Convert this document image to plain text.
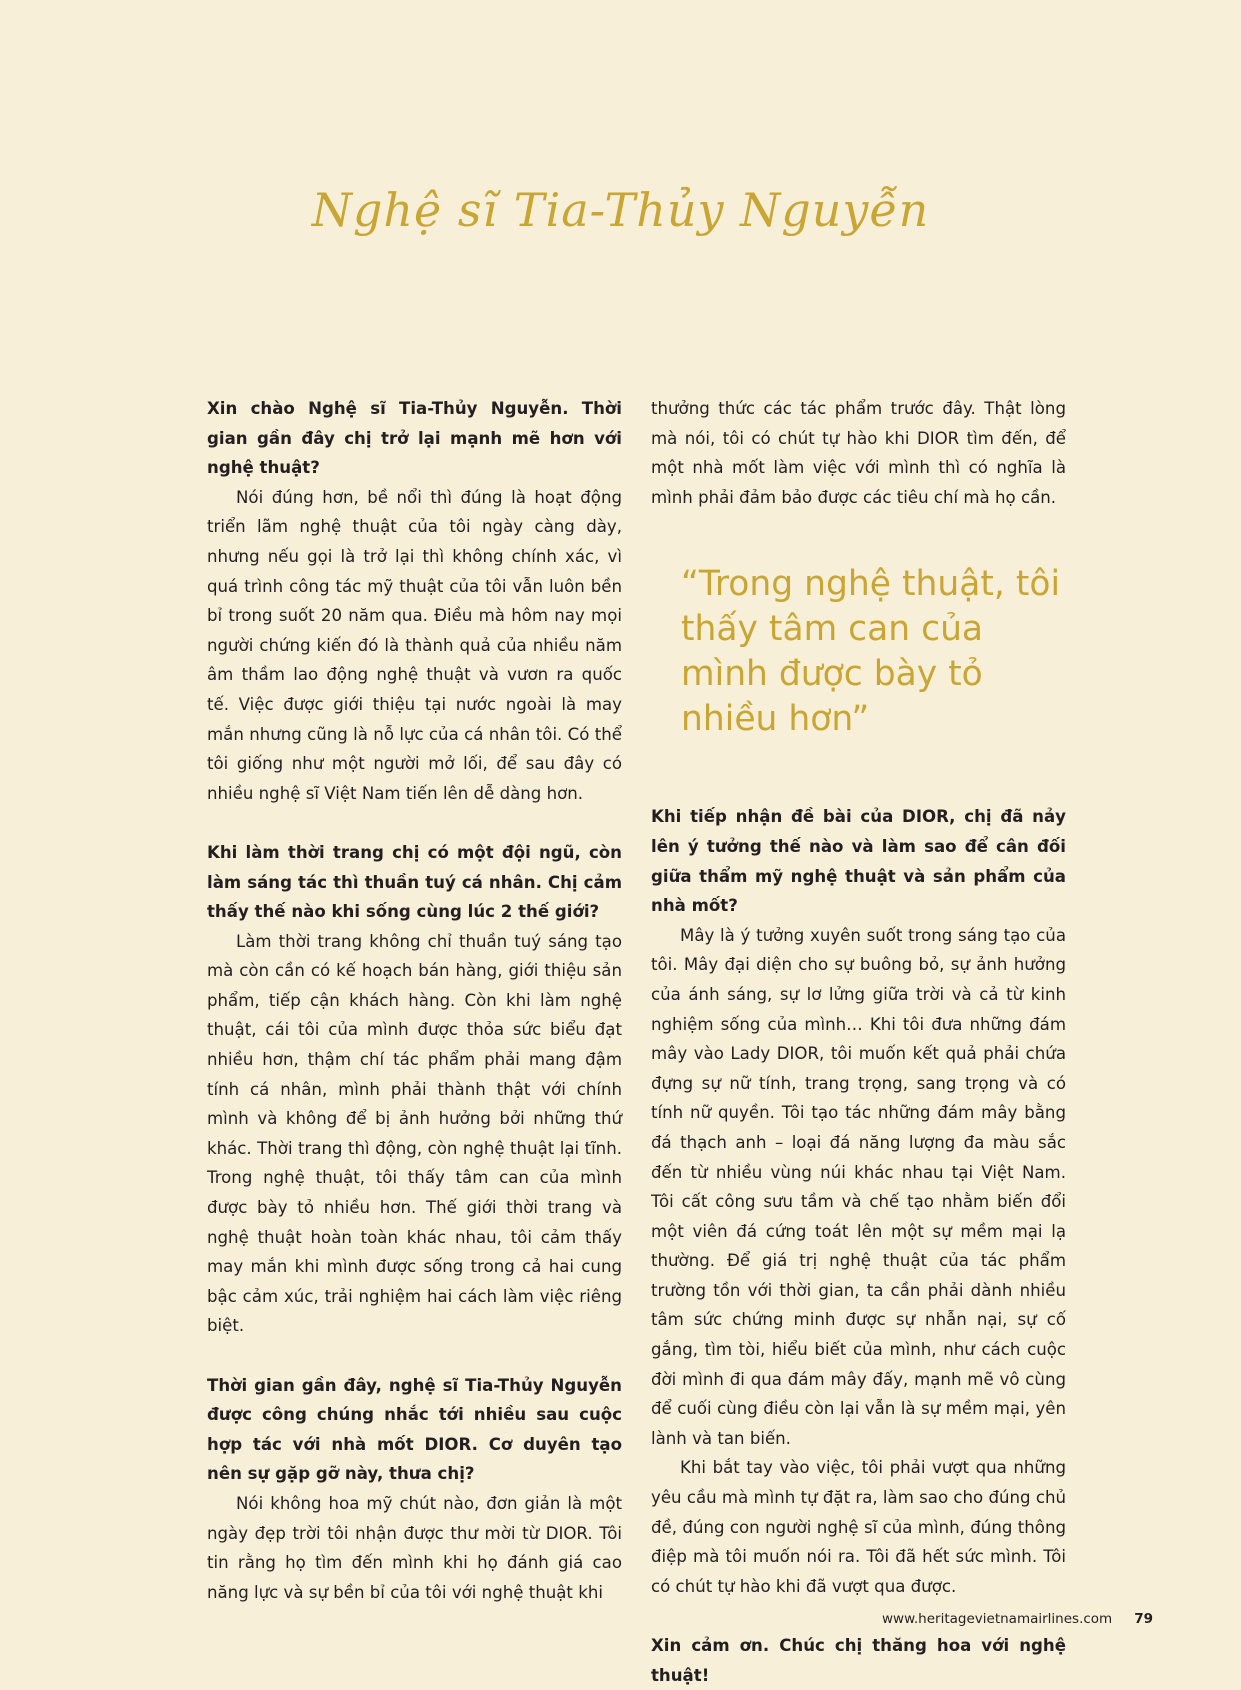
Nghệ sĩ Tia-Thủy Nguyễn

Xin chào Nghệ sĩ Tia-Thủy Nguyễn. Thời gian gần đây chị trở lại mạnh mẽ hơn với nghệ thuật?

Nói đúng hơn, bề nổi thì đúng là hoạt động triển lãm nghệ thuật của tôi ngày càng dày, nhưng nếu gọi là trở lại thì không chính xác, vì quá trình công tác mỹ thuật của tôi vẫn luôn bền bỉ trong suốt 20 năm qua. Điều mà hôm nay mọi người chứng kiến đó là thành quả của nhiều năm âm thầm lao động nghệ thuật và vươn ra quốc tế. Việc được giới thiệu tại nước ngoài là may mắn nhưng cũng là nỗ lực của cá nhân tôi. Có thể tôi giống như một người mở lối, để sau đây có nhiều nghệ sĩ Việt Nam tiến lên dễ dàng hơn.

Khi làm thời trang chị có một đội ngũ, còn làm sáng tác thì thuần tuý cá nhân. Chị cảm thấy thế nào khi sống cùng lúc 2 thế giới?

Làm thời trang không chỉ thuần tuý sáng tạo mà còn cần có kế hoạch bán hàng, giới thiệu sản phẩm, tiếp cận khách hàng. Còn khi làm nghệ thuật, cái tôi của mình được thỏa sức biểu đạt nhiều hơn, thậm chí tác phẩm phải mang đậm tính cá nhân, mình phải thành thật với chính mình và không để bị ảnh hưởng bởi những thứ khác. Thời trang thì động, còn nghệ thuật lại tĩnh. Trong nghệ thuật, tôi thấy tâm can của mình được bày tỏ nhiều hơn. Thế giới thời trang và nghệ thuật hoàn toàn khác nhau, tôi cảm thấy may mắn khi mình được sống trong cả hai cung bậc cảm xúc, trải nghiệm hai cách làm việc riêng biệt.

Thời gian gần đây, nghệ sĩ Tia-Thủy Nguyễn được công chúng nhắc tới nhiều sau cuộc hợp tác với nhà mốt DIOR. Cơ duyên tạo nên sự gặp gỡ này, thưa chị?

Nói không hoa mỹ chút nào, đơn giản là một ngày đẹp trời tôi nhận được thư mời từ DIOR. Tôi tin rằng họ tìm đến mình khi họ đánh giá cao năng lực và sự bền bỉ của tôi với nghệ thuật khi

thưởng thức các tác phẩm trước đây. Thật lòng mà nói, tôi có chút tự hào khi DIOR tìm đến, để một nhà mốt làm việc với mình thì có nghĩa là mình phải đảm bảo được các tiêu chí mà họ cần.

“Trong nghệ thuật, tôi thấy tâm can của mình được bày tỏ nhiều hơn”

Khi tiếp nhận đề bài của DIOR, chị đã nảy lên ý tưởng thế nào và làm sao để cân đối giữa thẩm mỹ nghệ thuật và sản phẩm của nhà mốt?

Mây là ý tưởng xuyên suốt trong sáng tạo của tôi. Mây đại diện cho sự buông bỏ, sự ảnh hưởng của ánh sáng, sự lơ lửng giữa trời và cả từ kinh nghiệm sống của mình… Khi tôi đưa những đám mây vào Lady DIOR, tôi muốn kết quả phải chứa đựng sự nữ tính, trang trọng, sang trọng và có tính nữ quyền. Tôi tạo tác những đám mây bằng đá thạch anh – loại đá năng lượng đa màu sắc đến từ nhiều vùng núi khác nhau tại Việt Nam. Tôi cất công sưu tầm và chế tạo nhằm biến đổi một viên đá cứng toát lên một sự mềm mại lạ thường. Để giá trị nghệ thuật của tác phẩm trường tồn với thời gian, ta cần phải dành nhiều tâm sức chứng minh được sự nhẫn nại, sự cố gắng, tìm tòi, hiểu biết của mình, như cách cuộc đời mình đi qua đám mây đấy, mạnh mẽ vô cùng để cuối cùng điều còn lại vẫn là sự mềm mại, yên lành và tan biến.

Khi bắt tay vào việc, tôi phải vượt qua những yêu cầu mà mình tự đặt ra, làm sao cho đúng chủ đề, đúng con người nghệ sĩ của mình, đúng thông điệp mà tôi muốn nói ra. Tôi đã hết sức mình. Tôi có chút tự hào khi đã vượt qua được.

Xin cảm ơn. Chúc chị thăng hoa với nghệ thuật!

www.heritagevietnamairlines.com 79
